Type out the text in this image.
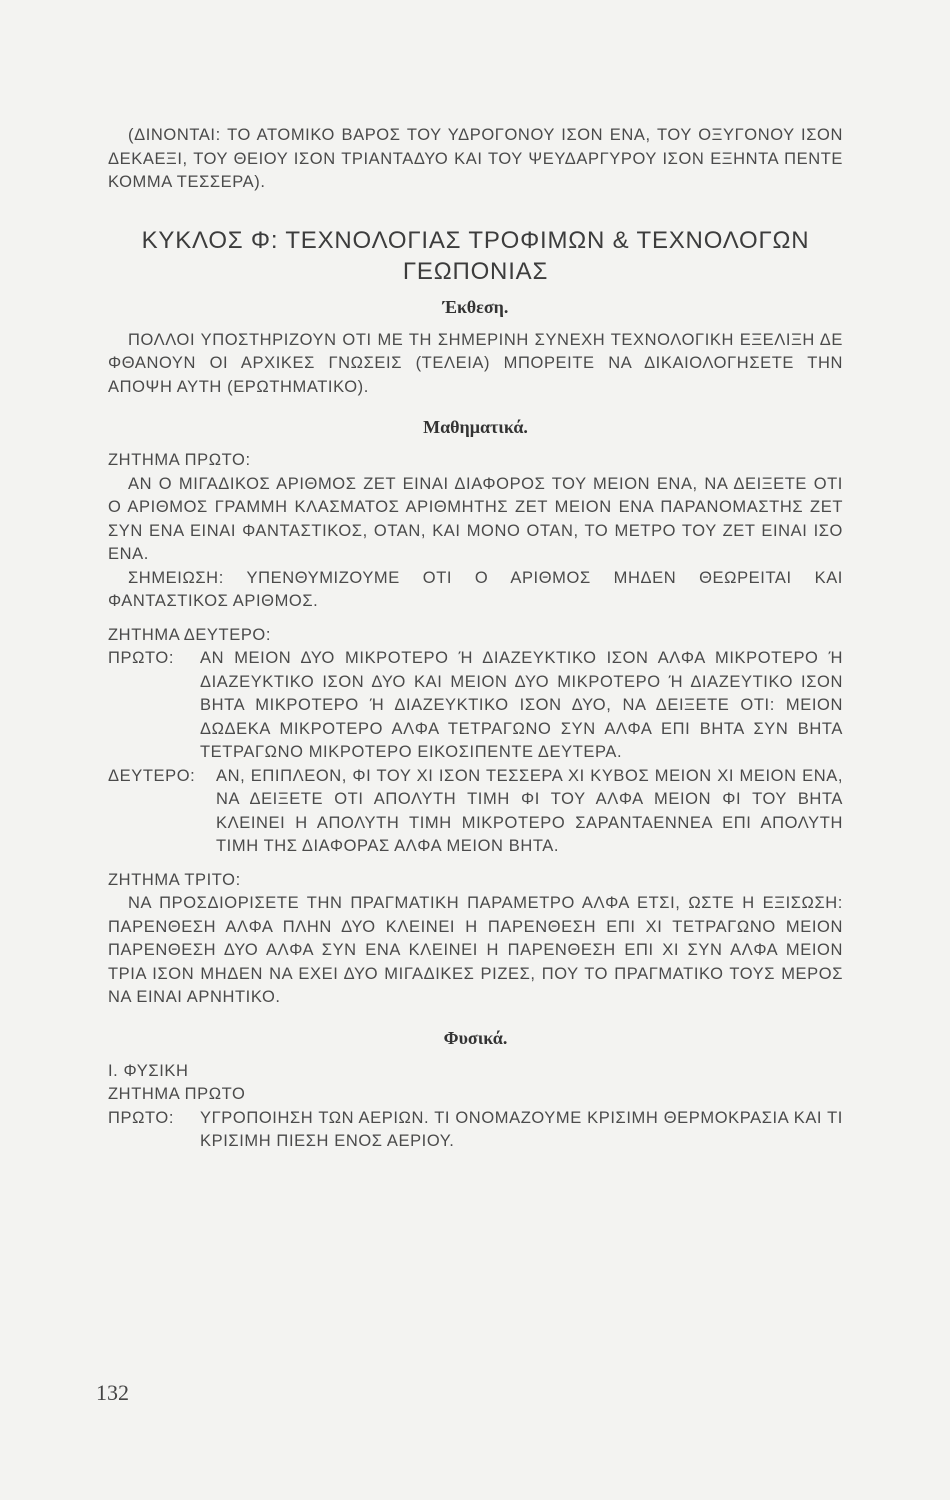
(ΔΙΝΟΝΤΑΙ: ΤΟ ΑΤΟΜΙΚΟ ΒΑΡΟΣ ΤΟΥ ΥΔΡΟΓΟΝΟΥ ΙΣΟΝ ΕΝΑ, ΤΟΥ ΟΞΥΓΟΝΟΥ ΙΣΟΝ ΔΕΚΑΕΞΙ, ΤΟΥ ΘΕΙΟΥ ΙΣΟΝ ΤΡΙΑΝΤΑΔΥΟ ΚΑΙ ΤΟΥ ΨΕΥΔΑΡΓΥΡΟΥ ΙΣΟΝ ΕΞΗΝΤΑ ΠΕΝΤΕ ΚΟΜΜΑ ΤΕΣΣΕΡΑ).

ΚΥΚΛΟΣ Φ: ΤΕΧΝΟΛΟΓΙΑΣ ΤΡΟΦΙΜΩΝ & ΤΕΧΝΟΛΟΓΩΝ ΓΕΩΠΟΝΙΑΣ
Έκθεση.

ΠΟΛΛΟΙ ΥΠΟΣΤΗΡΙΖΟΥΝ ΟΤΙ ΜΕ ΤΗ ΣΗΜΕΡΙΝΗ ΣΥΝΕΧΗ ΤΕΧΝΟΛΟΓΙΚΗ ΕΞΕΛΙΞΗ ΔΕ ΦΘΑΝΟΥΝ ΟΙ ΑΡΧΙΚΕΣ ΓΝΩΣΕΙΣ (ΤΕΛΕΙΑ) ΜΠΟΡΕΙΤΕ ΝΑ ΔΙΚΑΙΟΛΟΓΗΣΕΤΕ ΤΗΝ ΑΠΟΨΗ ΑΥΤΗ (ΕΡΩΤΗΜΑΤΙΚΟ).

Μαθηματικά.

ΖΗΤΗΜΑ ΠΡΩΤΟ:

ΑΝ Ο ΜΙΓΑΔΙΚΟΣ ΑΡΙΘΜΟΣ ΖΕΤ ΕΙΝΑΙ ΔΙΑΦΟΡΟΣ ΤΟΥ ΜΕΙΟΝ ΕΝΑ, ΝΑ ΔΕΙΞΕΤΕ ΟΤΙ Ο ΑΡΙΘΜΟΣ ΓΡΑΜΜΗ ΚΛΑΣΜΑΤΟΣ ΑΡΙΘΜΗΤΗΣ ΖΕΤ ΜΕΙΟΝ ΕΝΑ ΠΑΡΑΝΟΜΑΣΤΗΣ ΖΕΤ ΣΥΝ ΕΝΑ ΕΙΝΑΙ ΦΑΝΤΑΣΤΙΚΟΣ, ΟΤΑΝ, ΚΑΙ ΜΟΝΟ ΟΤΑΝ, ΤΟ ΜΕΤΡΟ ΤΟΥ ΖΕΤ ΕΙΝΑΙ ΙΣΟ ΕΝΑ.

ΣΗΜΕΙΩΣΗ: ΥΠΕΝΘΥΜΙΖΟΥΜΕ ΟΤΙ Ο ΑΡΙΘΜΟΣ ΜΗΔΕΝ ΘΕΩΡΕΙΤΑΙ ΚΑΙ ΦΑΝΤΑΣΤΙΚΟΣ ΑΡΙΘΜΟΣ.

ΖΗΤΗΜΑ ΔΕΥΤΕΡΟ:

ΠΡΩΤΟ:	ΑΝ ΜΕΙΟΝ ΔΥΟ ΜΙΚΡΟΤΕΡΟ Ή ΔΙΑΖΕΥΚΤΙΚΟ ΙΣΟΝ ΑΛΦΑ ΜΙΚΡΟΤΕΡΟ Ή ΔΙΑΖΕΥΚΤΙΚΟ ΙΣΟΝ ΔΥΟ ΚΑΙ ΜΕΙΟΝ ΔΥΟ ΜΙΚΡΟΤΕΡΟ Ή ΔΙΑΖΕΥΤΙΚΟ ΙΣΟΝ ΒΗΤΑ ΜΙΚΡΟΤΕΡΟ Ή ΔΙΑΖΕΥΚΤΙΚΟ ΙΣΟΝ ΔΥΟ, ΝΑ ΔΕΙΞΕΤΕ ΟΤΙ: ΜΕΙΟΝ ΔΩΔΕΚΑ ΜΙΚΡΟΤΕΡΟ ΑΛΦΑ ΤΕΤΡΑΓΩΝΟ ΣΥΝ ΑΛΦΑ ΕΠΙ ΒΗΤΑ ΣΥΝ ΒΗΤΑ ΤΕΤΡΑΓΩΝΟ ΜΙΚΡΟΤΕΡΟ ΕΙΚΟΣΙΠΕΝΤΕ ΔΕΥΤΕΡΑ.
ΔΕΥΤΕΡΟ:	ΑΝ, ΕΠΙΠΛΕΟΝ, ΦΙ ΤΟΥ ΧΙ ΙΣΟΝ ΤΕΣΣΕΡΑ ΧΙ ΚΥΒΟΣ ΜΕΙΟΝ ΧΙ ΜΕΙΟΝ ΕΝΑ, ΝΑ ΔΕΙΞΕΤΕ ΟΤΙ ΑΠΟΛΥΤΗ ΤΙΜΗ ΦΙ ΤΟΥ ΑΛΦΑ ΜΕΙΟΝ ΦΙ ΤΟΥ ΒΗΤΑ ΚΛΕΙΝΕΙ Η ΑΠΟΛΥΤΗ ΤΙΜΗ ΜΙΚΡΟΤΕΡΟ ΣΑΡΑΝΤΑΕΝΝΕΑ ΕΠΙ ΑΠΟΛΥΤΗ ΤΙΜΗ ΤΗΣ ΔΙΑΦΟΡΑΣ ΑΛΦΑ ΜΕΙΟΝ ΒΗΤΑ.

ΖΗΤΗΜΑ ΤΡΙΤΟ:

ΝΑ ΠΡΟΣΔΙΟΡΙΣΕΤΕ ΤΗΝ ΠΡΑΓΜΑΤΙΚΗ ΠΑΡΑΜΕΤΡΟ ΑΛΦΑ ΕΤΣΙ, ΩΣΤΕ Η ΕΞΙΣΩΣΗ: ΠΑΡΕΝΘΕΣΗ ΑΛΦΑ ΠΛΗΝ ΔΥΟ ΚΛΕΙΝΕΙ Η ΠΑΡΕΝΘΕΣΗ ΕΠΙ ΧΙ ΤΕΤΡΑΓΩΝΟ ΜΕΙΟΝ ΠΑΡΕΝΘΕΣΗ ΔΥΟ ΑΛΦΑ ΣΥΝ ΕΝΑ ΚΛΕΙΝΕΙ Η ΠΑΡΕΝΘΕΣΗ ΕΠΙ ΧΙ ΣΥΝ ΑΛΦΑ ΜΕΙΟΝ ΤΡΙΑ ΙΣΟΝ ΜΗΔΕΝ ΝΑ ΕΧΕΙ ΔΥΟ ΜΙΓΑΔΙΚΕΣ ΡΙΖΕΣ, ΠΟΥ ΤΟ ΠΡΑΓΜΑΤΙΚΟ ΤΟΥΣ ΜΕΡΟΣ ΝΑ ΕΙΝΑΙ ΑΡΝΗΤΙΚΟ.

Φυσικά.

Ι. ΦΥΣΙΚΗ

ΖΗΤΗΜΑ ΠΡΩΤΟ

ΠΡΩΤΟ:	ΥΓΡΟΠΟΙΗΣΗ ΤΩΝ ΑΕΡΙΩΝ. ΤΙ ΟΝΟΜΑΖΟΥΜΕ ΚΡΙΣΙΜΗ ΘΕΡΜΟΚΡΑΣΙΑ ΚΑΙ ΤΙ ΚΡΙΣΙΜΗ ΠΙΕΣΗ ΕΝΟΣ ΑΕΡΙΟΥ.
132
